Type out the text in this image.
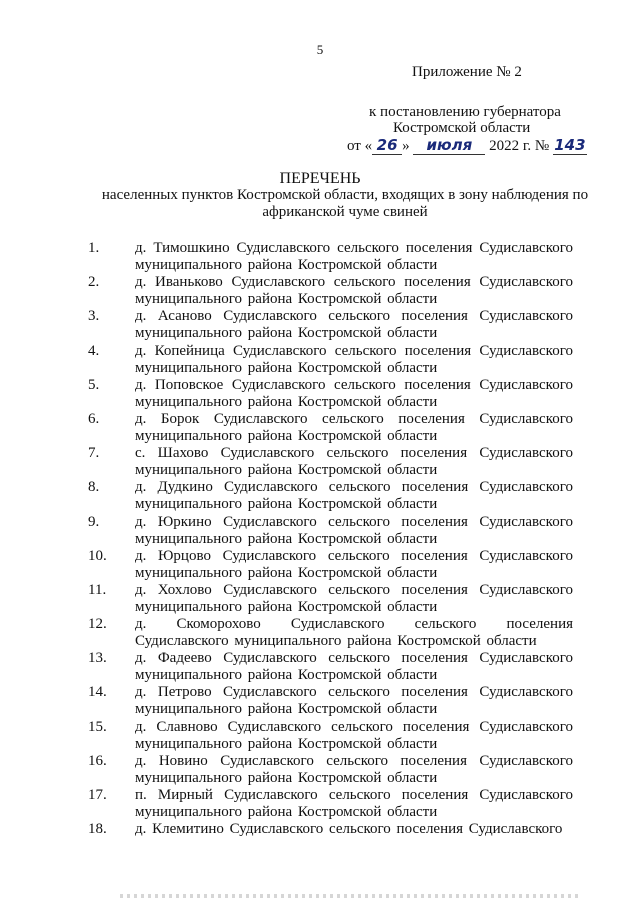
5
Приложение № 2
к постановлению губернатора
Костромской области
от « 26 » июля 2022 г. № 143
ПЕРЕЧЕНЬ
населенных пунктов Костромской области, входящих в зону наблюдения по африканской чуме свиней
1. д. Тимошкино Судиславского сельского поселения Судиславского муниципального района Костромской области
2. д. Иваньково Судиславского сельского поселения Судиславского муниципального района Костромской области
3. д. Асаново Судиславского сельского поселения Судиславского муниципального района Костромской области
4. д. Копейница Судиславского сельского поселения Судиславского муниципального района Костромской области
5. д. Поповское Судиславского сельского поселения Судиславского муниципального района Костромской области
6. д. Борок Судиславского сельского поселения Судиславского муниципального района Костромской области
7. с. Шахово Судиславского сельского поселения Судиславского муниципального района Костромской области
8. д. Дудкино Судиславского сельского поселения Судиславского муниципального района Костромской области
9. д. Юркино Судиславского сельского поселения Судиславского муниципального района Костромской области
10. д. Юрцово Судиславского сельского поселения Судиславского муниципального района Костромской области
11. д. Хохлово Судиславского сельского поселения Судиславского муниципального района Костромской области
12. д. Скоморохово Судиславского сельского поселения Судиславского муниципального района Костромской области
13. д. Фадеево Судиславского сельского поселения Судиславского муниципального района Костромской области
14. д. Петрово Судиславского сельского поселения Судиславского муниципального района Костромской области
15. д. Славново Судиславского сельского поселения Судиславского муниципального района Костромской области
16. д. Новино Судиславского сельского поселения Судиславского муниципального района Костромской области
17. п. Мирный Судиславского сельского поселения Судиславского муниципального района Костромской области
18. д. Клемитино Судиславского сельского поселения Судиславского
